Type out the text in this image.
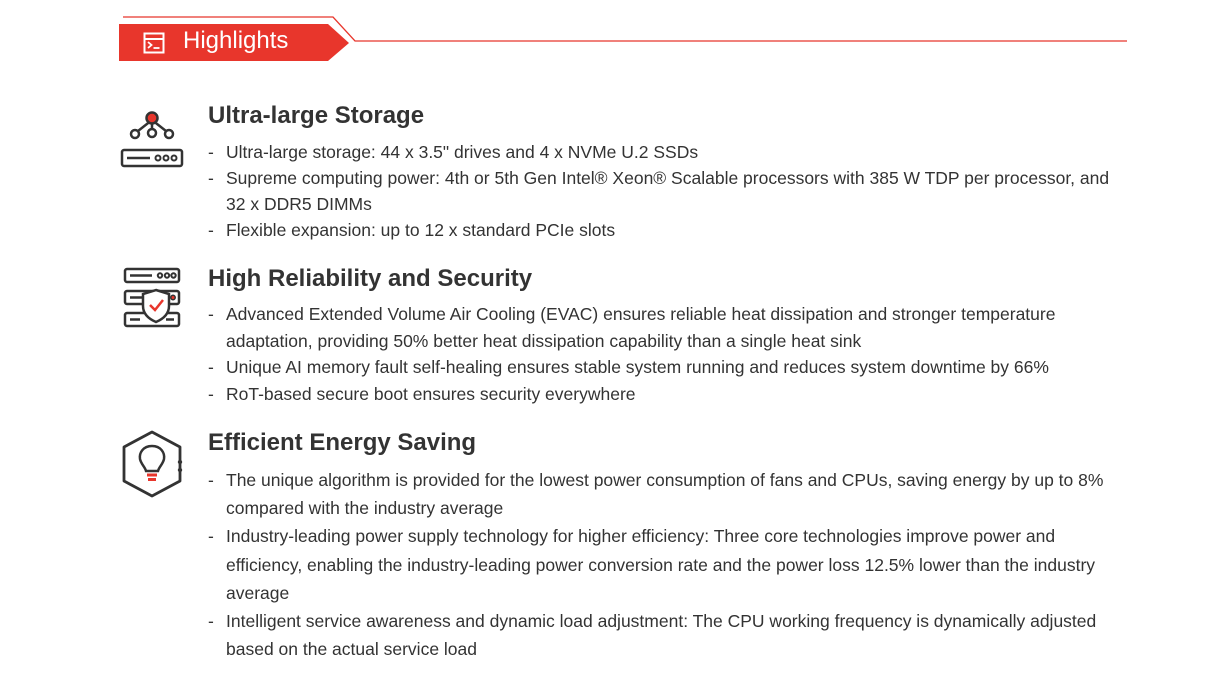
Highlights
Ultra-large Storage
- Ultra-large storage: 44 x 3.5" drives and 4 x NVMe U.2 SSDs
- Supreme computing power: 4th or 5th Gen Intel® Xeon® Scalable processors with 385 W TDP per processor, and 32 x DDR5 DIMMs
- Flexible expansion: up to 12 x standard PCIe slots
High Reliability and Security
- Advanced Extended Volume Air Cooling (EVAC) ensures reliable heat dissipation and stronger temperature adaptation, providing 50% better heat dissipation capability than a single heat sink
- Unique AI memory fault self-healing ensures stable system running and reduces system downtime by 66%
- RoT-based secure boot ensures security everywhere
Efficient Energy Saving
- The unique algorithm is provided for the lowest power consumption of fans and CPUs, saving energy by up to 8% compared with the industry average
- Industry-leading power supply technology for higher efficiency: Three core technologies improve power and efficiency, enabling the industry-leading power conversion rate and the power loss 12.5% lower than the industry average
- Intelligent service awareness and dynamic load adjustment: The CPU working frequency is dynamically adjusted based on the actual service load
